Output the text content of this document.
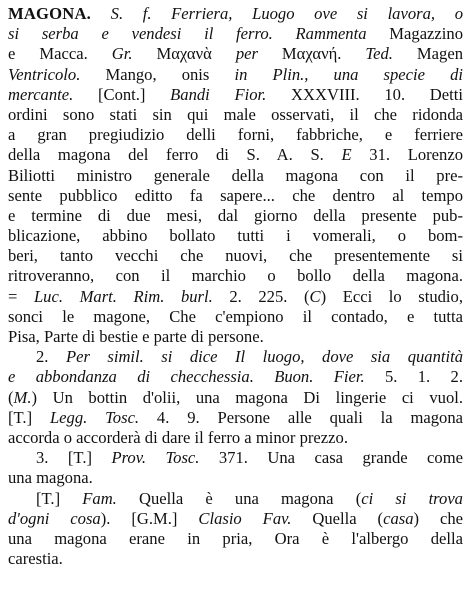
MAGONA. S. f. Ferriera, Luogo ove si lavora, o
si serba e vendesi il ferro. Rammenta Magazzino
e Macca. Gr. Μαχανὰ per Μαχανή. Ted. Magen
Ventricolo. Mango, onis in Plin., una specie di
mercante. [Cont.] Bandi Fior. XXXVIII. 10. Detti
ordini sono stati sin qui male osservati, il che ridonda
a gran pregiudizio delli forni, fabbriche, e ferriere
della magona del ferro di S. A. S. E 31. Lorenzo
Biliotti ministro generale della magona con il pre-
sente pubblico editto fa sapere... che dentro al tempo
e termine di due mesi, dal giorno della presente pub-
blicazione, abbino bollato tutti i vomerali, o bom-
beri, tanto vecchi che nuovi, che presentemente si
ritroveranno, con il marchio o bollo della magona.
= Luc. Mart. Rim. burl. 2. 225. (C) Ecci lo studio,
sonci le magone, Che c'empiono il contado, e tutta
Pisa, Parte di bestie e parte di persone.
2. Per simil. si dice Il luogo, dove sia quantità
e abbondanza di checchessia. Buon. Fier. 5. 1. 2.
(M.) Un bottin d'olii, una magona Di lingerie ci vuol.
[T.] Legg. Tosc. 4. 9. Persone alle quali la magona
accorda o accorderà di dare il ferro a minor prezzo.
3. [T.] Prov. Tosc. 371. Una casa grande come
una magona.
[T.] Fam. Quella è una magona (ci si trova
d'ogni cosa). [G.M.] Clasio Fav. Quella (casa) che
una magona erane in pria, Ora è l'albergo della
carestia.
